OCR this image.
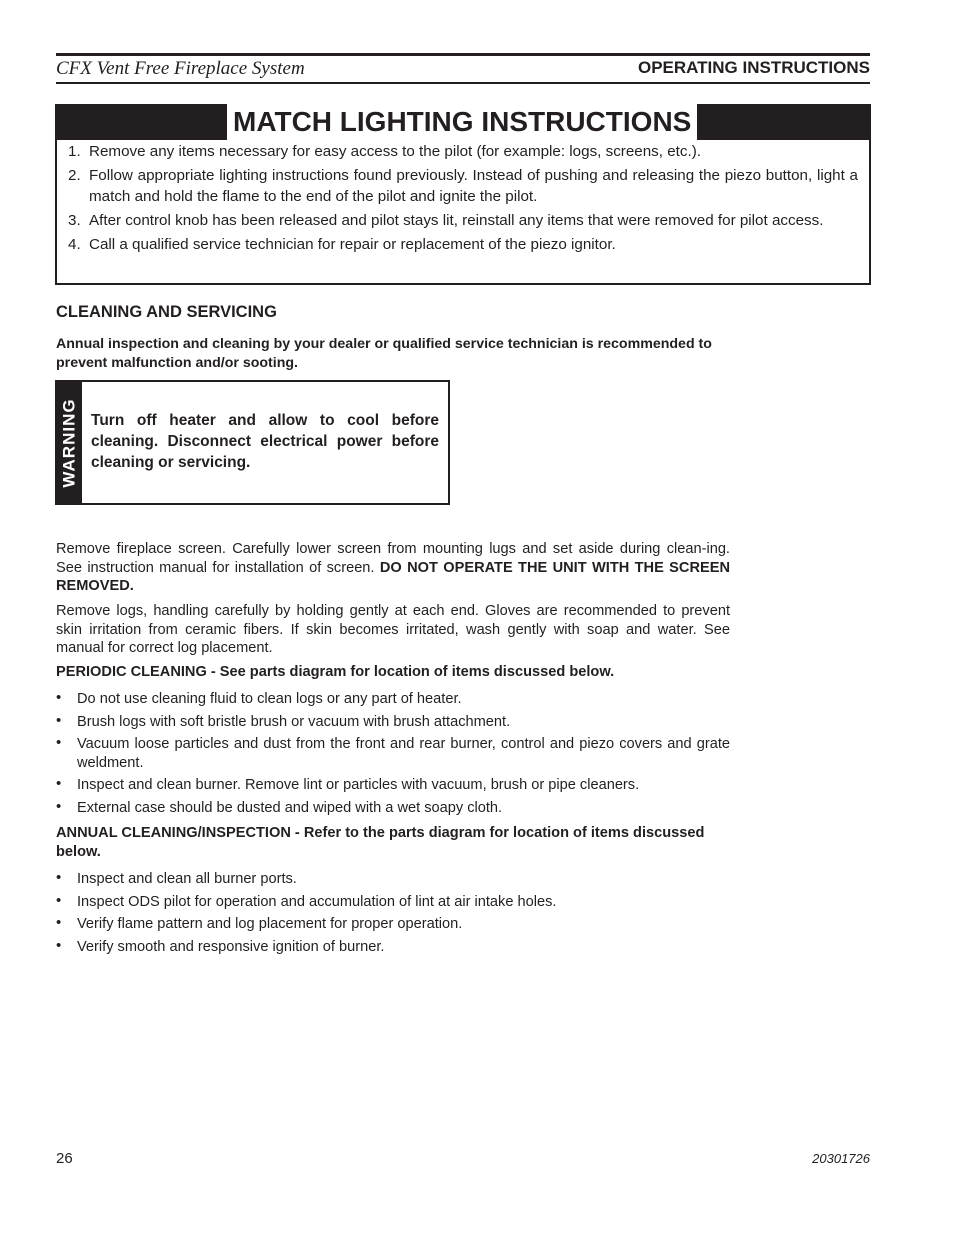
CFX Vent Free Fireplace System	OPERATING INSTRUCTIONS
MATCH LIGHTING INSTRUCTIONS
1. Remove any items necessary for easy access to the pilot (for example: logs, screens, etc.).
2. Follow appropriate lighting instructions found previously. Instead of pushing and releasing the piezo button, light a match and hold the flame to the end of the pilot and ignite the pilot.
3. After control knob has been released and pilot stays lit, reinstall any items that were removed for pilot access.
4. Call a qualified service technician for repair or replacement of the piezo ignitor.
CLEANING AND SERVICING
Annual inspection and cleaning by your dealer or qualified service technician is recommended to prevent malfunction and/or sooting.
WARNING Turn off heater and allow to cool before cleaning. Disconnect electrical power before cleaning or servicing.
Remove fireplace screen. Carefully lower screen from mounting lugs and set aside during clean-ing. See instruction manual for installation of screen. DO NOT OPERATE THE UNIT WITH THE SCREEN REMOVED.
Remove logs, handling carefully by holding gently at each end. Gloves are recommended to prevent skin irritation from ceramic fibers. If skin becomes irritated, wash gently with soap and water. See manual for correct log placement.
PERIODIC CLEANING - See parts diagram for location of items discussed below.
• Do not use cleaning fluid to clean logs or any part of heater.
• Brush logs with soft bristle brush or vacuum with brush attachment.
• Vacuum loose particles and dust from the front and rear burner, control and piezo covers and grate weldment.
• Inspect and clean burner. Remove lint or particles with vacuum, brush or pipe cleaners.
• External case should be dusted and wiped with a wet soapy cloth.
ANNUAL CLEANING/INSPECTION - Refer to the parts diagram for location of items discussed below.
• Inspect and clean all burner ports.
• Inspect ODS pilot for operation and accumulation of lint at air intake holes.
• Verify flame pattern and log placement for proper operation.
• Verify smooth and responsive ignition of burner.
26	20301726
